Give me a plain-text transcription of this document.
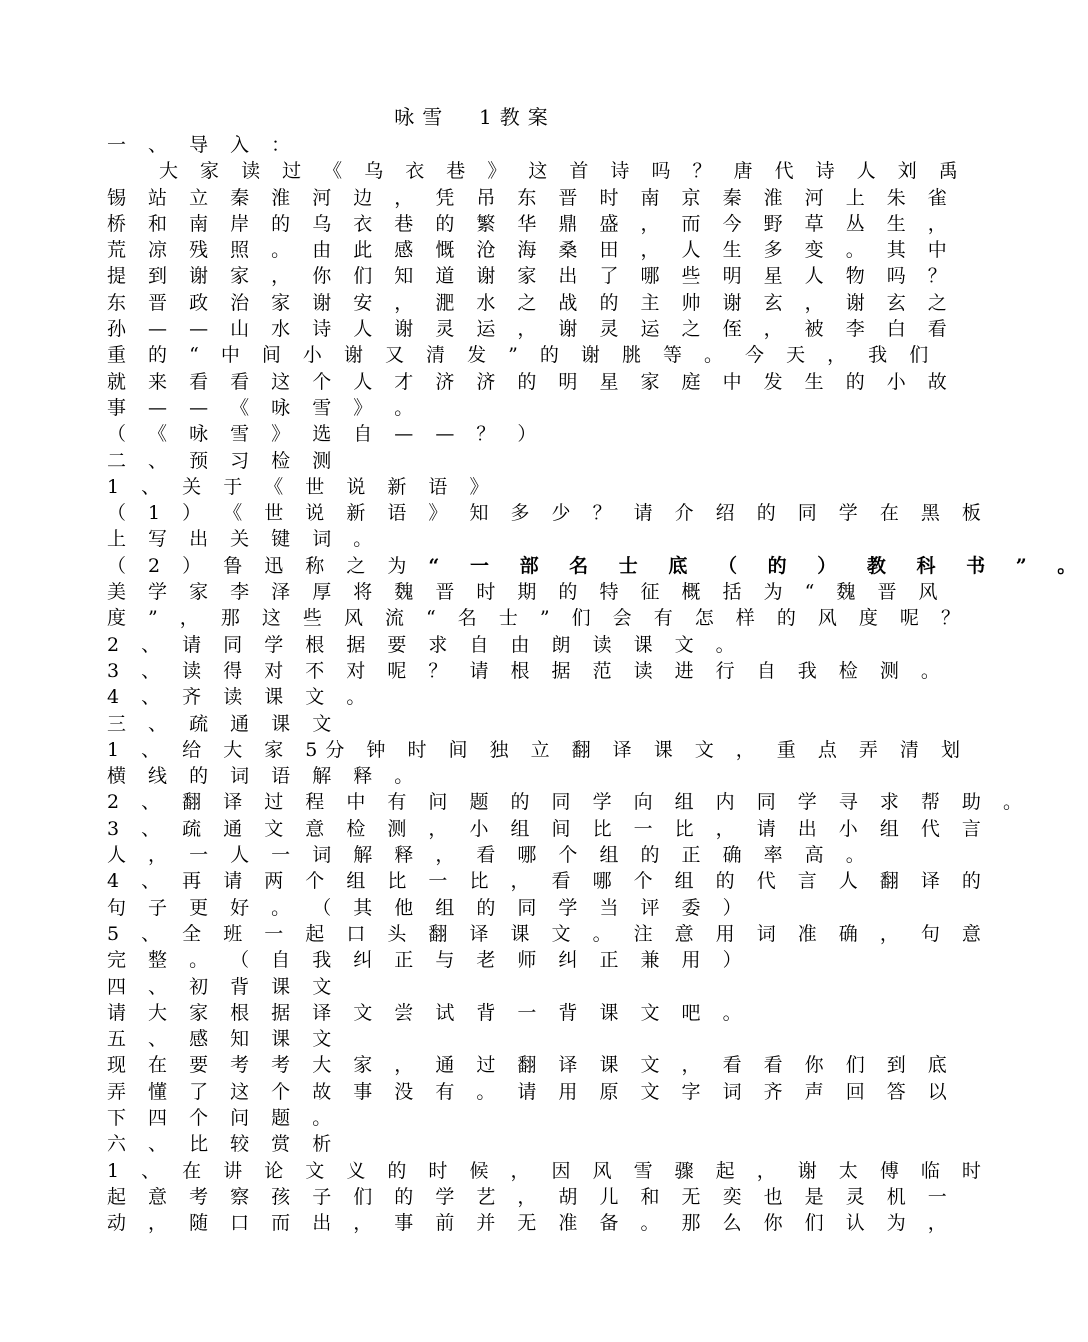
咏雪  1教案
一 、 导 入 ：
大 家 读 过 《 乌 衣 巷 》 这 首 诗 吗 ？ 唐 代 诗 人 刘 禹
锡 站 立 秦 淮 河 边 ， 凭 吊 东 晋 时 南 京 秦 淮 河 上 朱 雀
桥 和 南 岸 的 乌 衣 巷 的 繁 华 鼎 盛 ， 而 今 野 草 丛 生 ，
荒 凉 残 照 。 由 此 感 慨 沧 海 桑 田 ， 人 生 多 变 。 其 中
提 到 谢 家 ， 你 们 知 道 谢 家 出 了 哪 些 明 星 人 物 吗 ？
东 晋 政 治 家 谢 安 ， 淝 水 之 战 的 主 帅 谢 玄 ， 谢 玄 之
孙 — — 山 水 诗 人 谢 灵 运 ， 谢 灵 运 之 侄 ， 被 李 白 看
重 的 “ 中 间 小 谢 又 清 发 ” 的 谢 朓 等 。 今 天 ， 我 们
就 来 看 看 这 个 人 才 济 济 的 明 星 家 庭 中 发 生 的 小 故
事 — — 《 咏 雪 》 。
（ 《 咏 雪 》 选 自 — — ？ ）
二 、 预 习 检 测
1 、 关 于 《 世 说 新 语 》
（ 1 ） 《 世 说 新 语 》 知 多 少 ？ 请 介 绍 的 同 学 在 黑 板
上 写 出 关 键 词 。
（ 2 ） 鲁 迅 称 之 为 “ 一 部 名 士 底 （ 的 ） 教 科 书 ” 。
美 学 家 李 泽 厚 将 魏 晋 时 期 的 特 征 概 括 为 “ 魏 晋 风
度 ” ， 那 这 些 风 流 “ 名 士 ” 们 会 有 怎 样 的 风 度 呢 ？
2 、 请 同 学 根 据 要 求 自 由 朗 读 课 文 。
3 、 读 得 对 不 对 呢 ？ 请 根 据 范 读 进 行 自 我 检 测 。
4 、 齐 读 课 文 。
三 、 疏 通 课 文
1 、 给 大 家 5分 钟 时 间 独 立 翻 译 课 文 ， 重 点 弄 清 划
横 线 的 词 语 解 释 。
2 、 翻 译 过 程 中 有 问 题 的 同 学 向 组 内 同 学 寻 求 帮 助 。
3 、 疏 通 文 意 检 测 ， 小 组 间 比 一 比 ， 请 出 小 组 代 言
人 ， 一 人 一 词 解 释 ， 看 哪 个 组 的 正 确 率 高 。
4 、 再 请 两 个 组 比 一 比 ， 看 哪 个 组 的 代 言 人 翻 译 的
句 子 更 好 。 （ 其 他 组 的 同 学 当 评 委 ）
5 、 全 班 一 起 口 头 翻 译 课 文 。 注 意 用 词 准 确 ， 句 意
完 整 。 （ 自 我 纠 正 与 老 师 纠 正 兼 用 ）
四 、 初 背 课 文
请 大 家 根 据 译 文 尝 试 背 一 背 课 文 吧 。
五 、 感 知 课 文
现 在 要 考 考 大 家 ， 通 过 翻 译 课 文 ， 看 看 你 们 到 底
弄 懂 了 这 个 故 事 没 有 。 请 用 原 文 字 词 齐 声 回 答 以
下 四 个 问 题 。
六 、 比 较 赏 析
1 、 在 讲 论 文 义 的 时 候 ， 因 风 雪 骤 起 ， 谢 太 傅 临 时
起 意 考 察 孩 子 们 的 学 艺 ， 胡 儿 和 无 奕 也 是 灵 机 一
动 ， 随 口 而 出 ， 事 前 并 无 准 备 。 那 么 你 们 认 为 ，
